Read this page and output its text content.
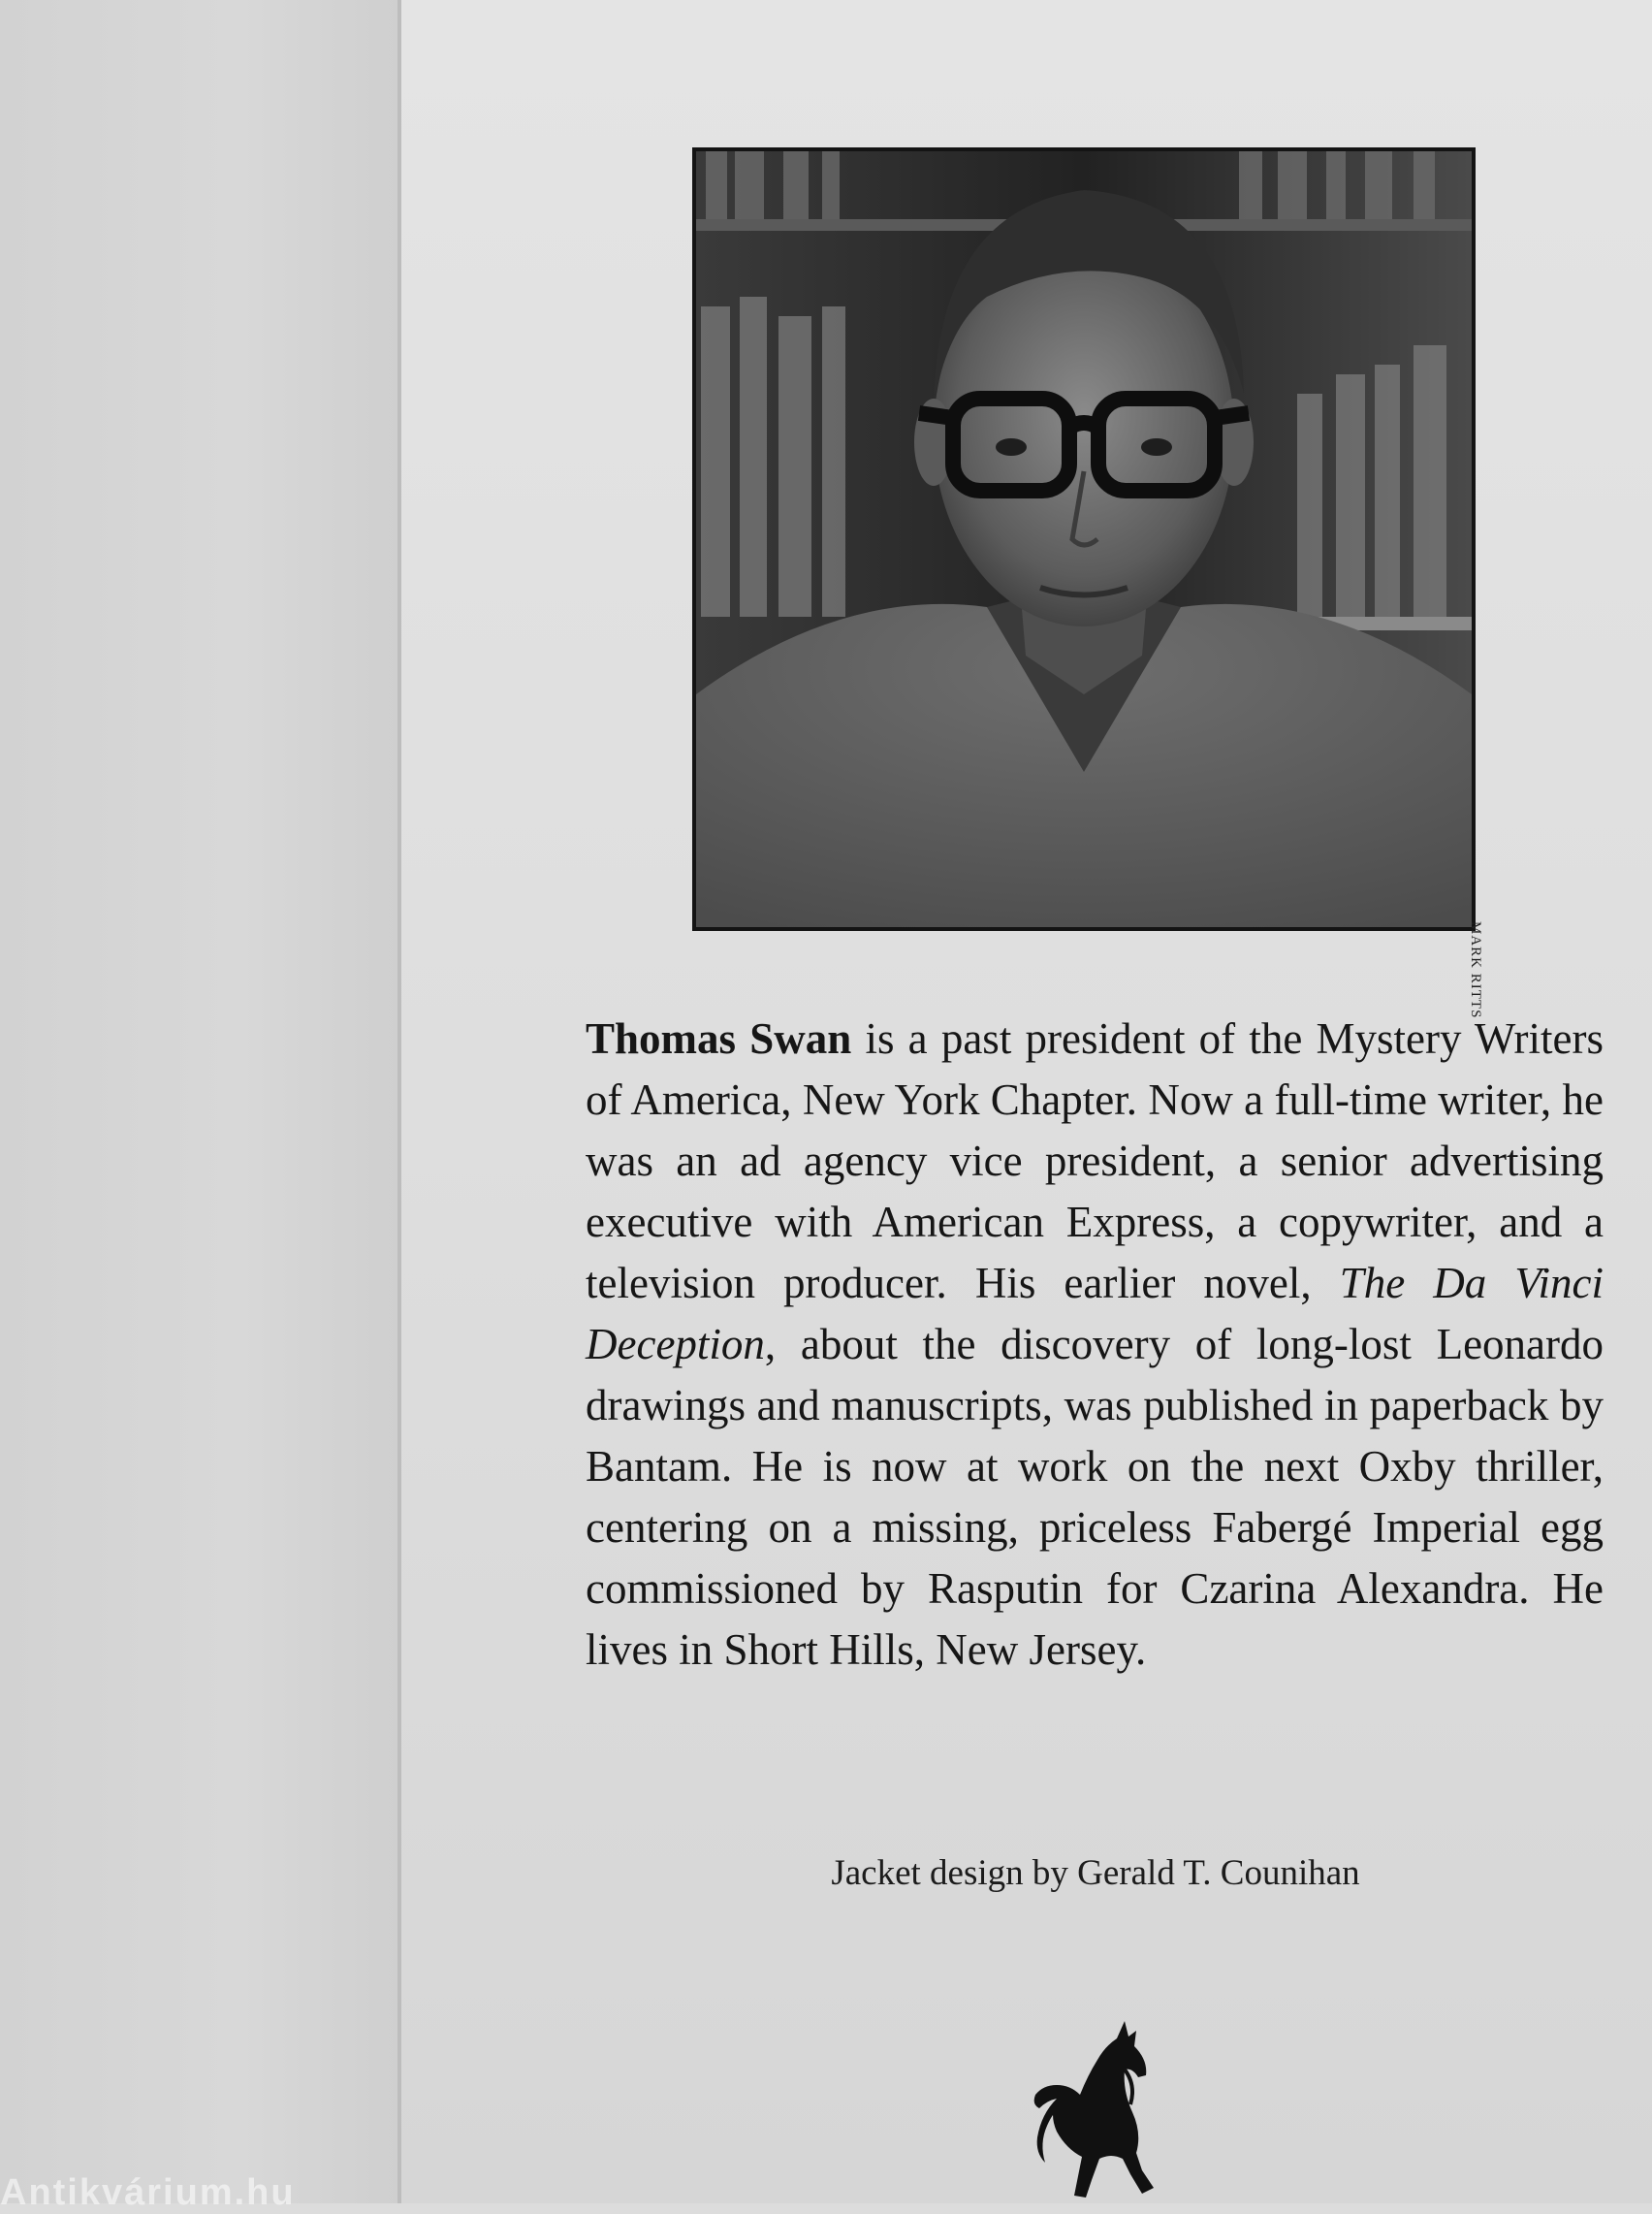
MARK RITTS

Thomas Swan is a past president of the Mystery Writers of America, New York Chapter. Now a full-time writer, he was an ad agency vice president, a senior advertising executive with American Express, a copywriter, and a television producer. His earlier novel, The Da Vinci Deception, about the discovery of long-lost Leonardo drawings and manuscripts, was published in paperback by Bantam. He is now at work on the next Oxby thriller, centering on a missing, priceless Fabergé Imperial egg commissioned by Rasputin for Czarina Alexandra. He lives in Short Hills, New Jersey.

Jacket design by Gerald T. Counihan

Antikvárium.hu
